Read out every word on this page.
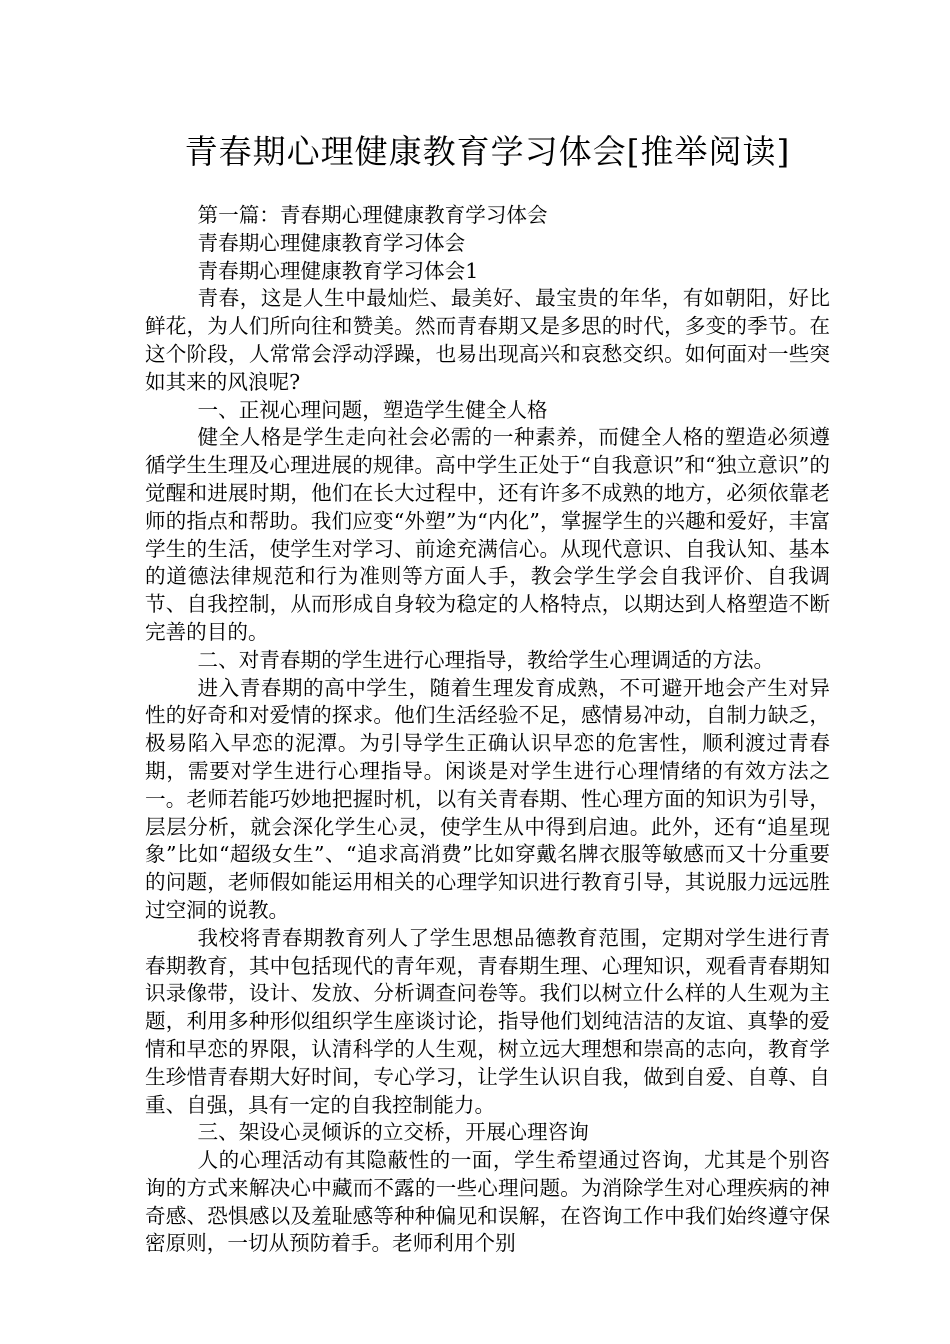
青春期心理健康教育学习体会[推举阅读]

第一篇：青春期心理健康教育学习体会

青春期心理健康教育学习体会

青春期心理健康教育学习体会1

青春，这是人生中最灿烂、最美好、最宝贵的年华，有如朝阳，好比鲜花，为人们所向往和赞美。然而青春期又是多思的时代，多变的季节。在这个阶段，人常常会浮动浮躁，也易出现高兴和哀愁交织。如何面对一些突如其来的风浪呢?

一、正视心理问题，塑造学生健全人格

健全人格是学生走向社会必需的一种素养，而健全人格的塑造必须遵循学生生理及心理进展的规律。高中学生正处于“自我意识”和“独立意识”的觉醒和进展时期，他们在长大过程中，还有许多不成熟的地方，必须依靠老师的指点和帮助。我们应变“外塑”为“内化”，掌握学生的兴趣和爱好，丰富学生的生活，使学生对学习、前途充满信心。从现代意识、自我认知、基本的道德法律规范和行为准则等方面人手，教会学生学会自我评价、自我调节、自我控制，从而形成自身较为稳定的人格特点，以期达到人格塑造不断完善的目的。

二、对青春期的学生进行心理指导，教给学生心理调适的方法。

进入青春期的高中学生，随着生理发育成熟，不可避开地会产生对异性的好奇和对爱情的探求。他们生活经验不足，感情易冲动，自制力缺乏，极易陷入早恋的泥潭。为引导学生正确认识早恋的危害性，顺利渡过青春期，需要对学生进行心理指导。闲谈是对学生进行心理情绪的有效方法之一。老师若能巧妙地把握时机，以有关青春期、性心理方面的知识为引导，层层分析，就会深化学生心灵，使学生从中得到启迪。此外，还有“追星现象”比如“超级女生”、“追求高消费”比如穿戴名牌衣服等敏感而又十分重要的问题，老师假如能运用相关的心理学知识进行教育引导，其说服力远远胜过空洞的说教。

我校将青春期教育列人了学生思想品德教育范围，定期对学生进行青春期教育，其中包括现代的青年观，青春期生理、心理知识，观看青春期知识录像带，设计、发放、分析调查问卷等。我们以树立什么样的人生观为主题，利用多种形似组织学生座谈讨论，指导他们划纯洁洁的友谊、真挚的爱情和早恋的界限，认清科学的人生观，树立远大理想和崇高的志向，教育学生珍惜青春期大好时间，专心学习，让学生认识自我，做到自爱、自尊、自重、自强，具有一定的自我控制能力。

三、架设心灵倾诉的立交桥，开展心理咨询

人的心理活动有其隐蔽性的一面，学生希望通过咨询，尤其是个别咨询的方式来解决心中藏而不露的一些心理问题。为消除学生对心理疾病的神奇感、恐惧感以及羞耻感等种种偏见和误解，在咨询工作中我们始终遵守保密原则，一切从预防着手。老师利用个别
